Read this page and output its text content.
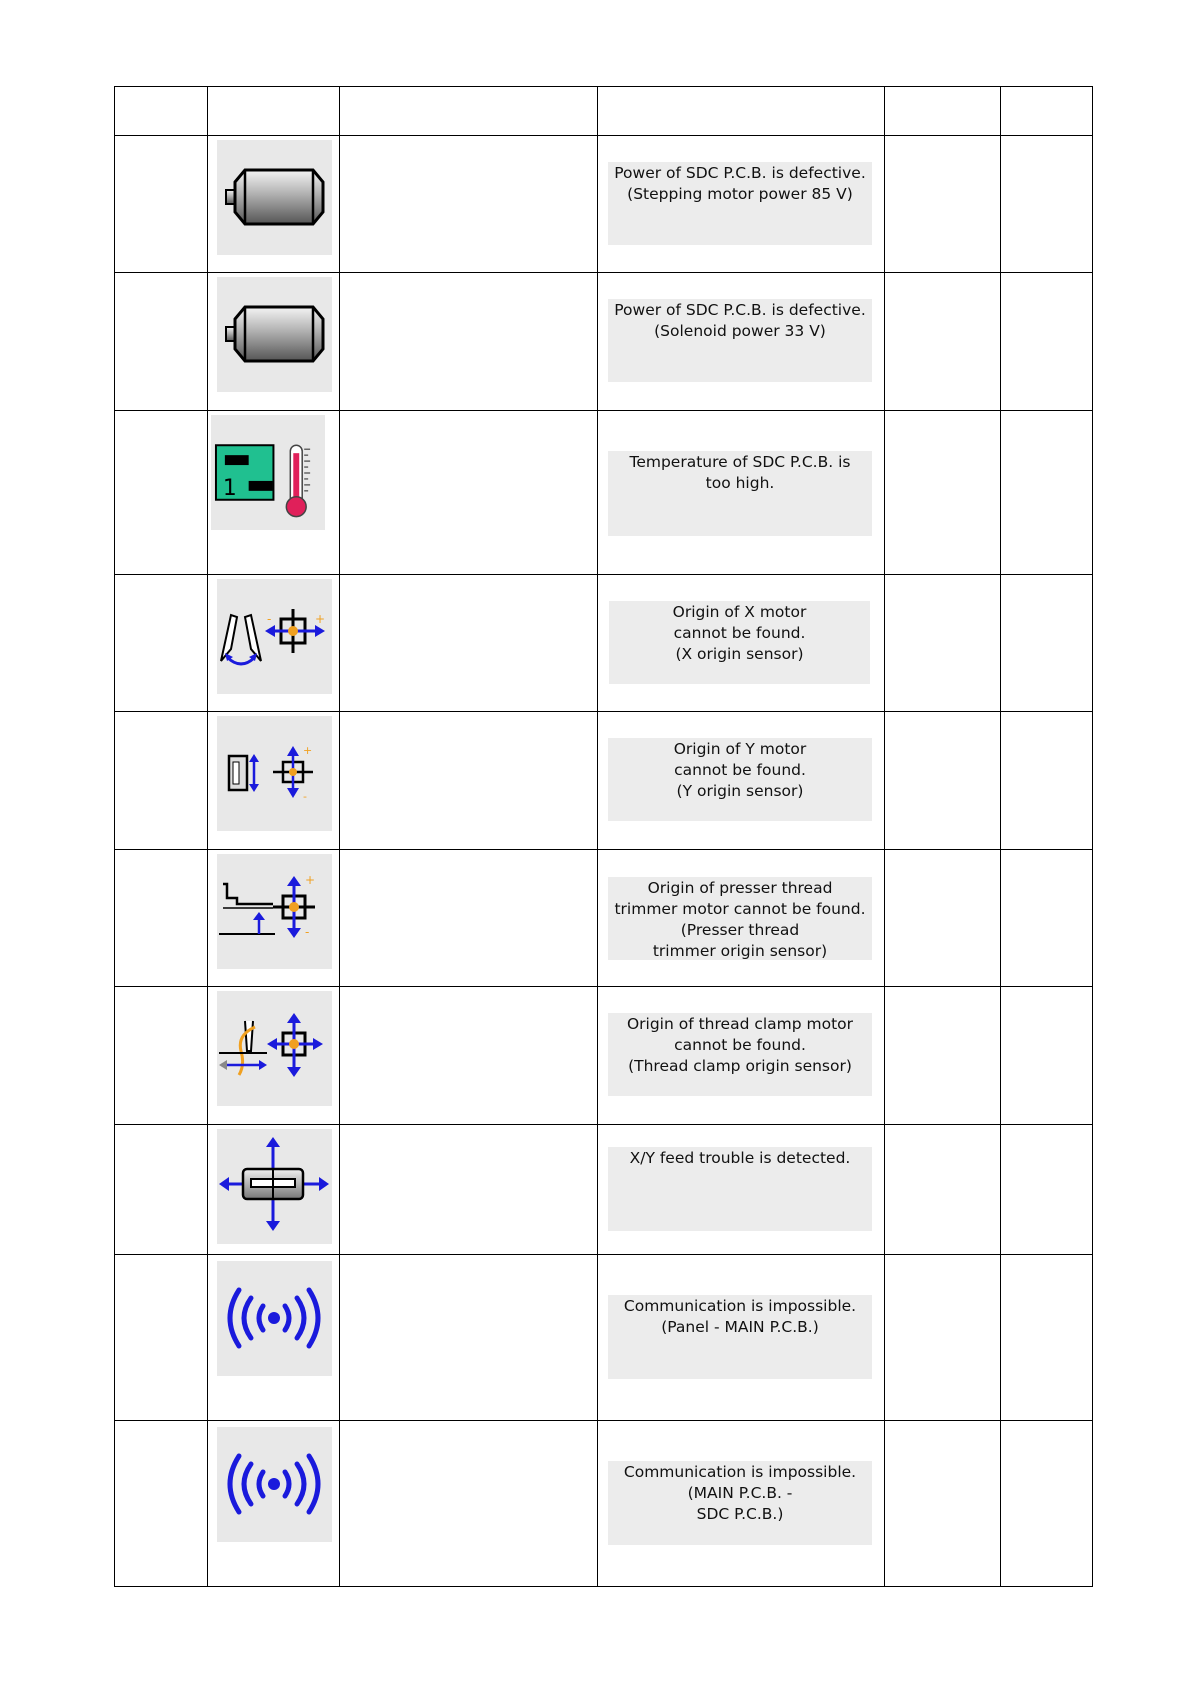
Power of SDC P.C.B. is defective.
(Stepping motor power 85 V)		

Power of SDC P.C.B. is defective.
(Solenoid power 33 V)		

1		Temperature of SDC P.C.B. is
too high.		

+
-		Origin of X motor
cannot be found.
(X origin sensor)		

+
-		Origin of Y motor
cannot be found.
(Y origin sensor)		

+
-		Origin of presser thread
trimmer motor cannot be found.
(Presser thread
trimmer origin sensor)		

Origin of thread clamp motor
cannot be found.
(Thread clamp origin sensor)		

X/Y feed trouble is detected.		

Communication is impossible.
(Panel - MAIN P.C.B.)		

Communication is impossible.
(MAIN P.C.B. -
SDC P.C.B.)		
